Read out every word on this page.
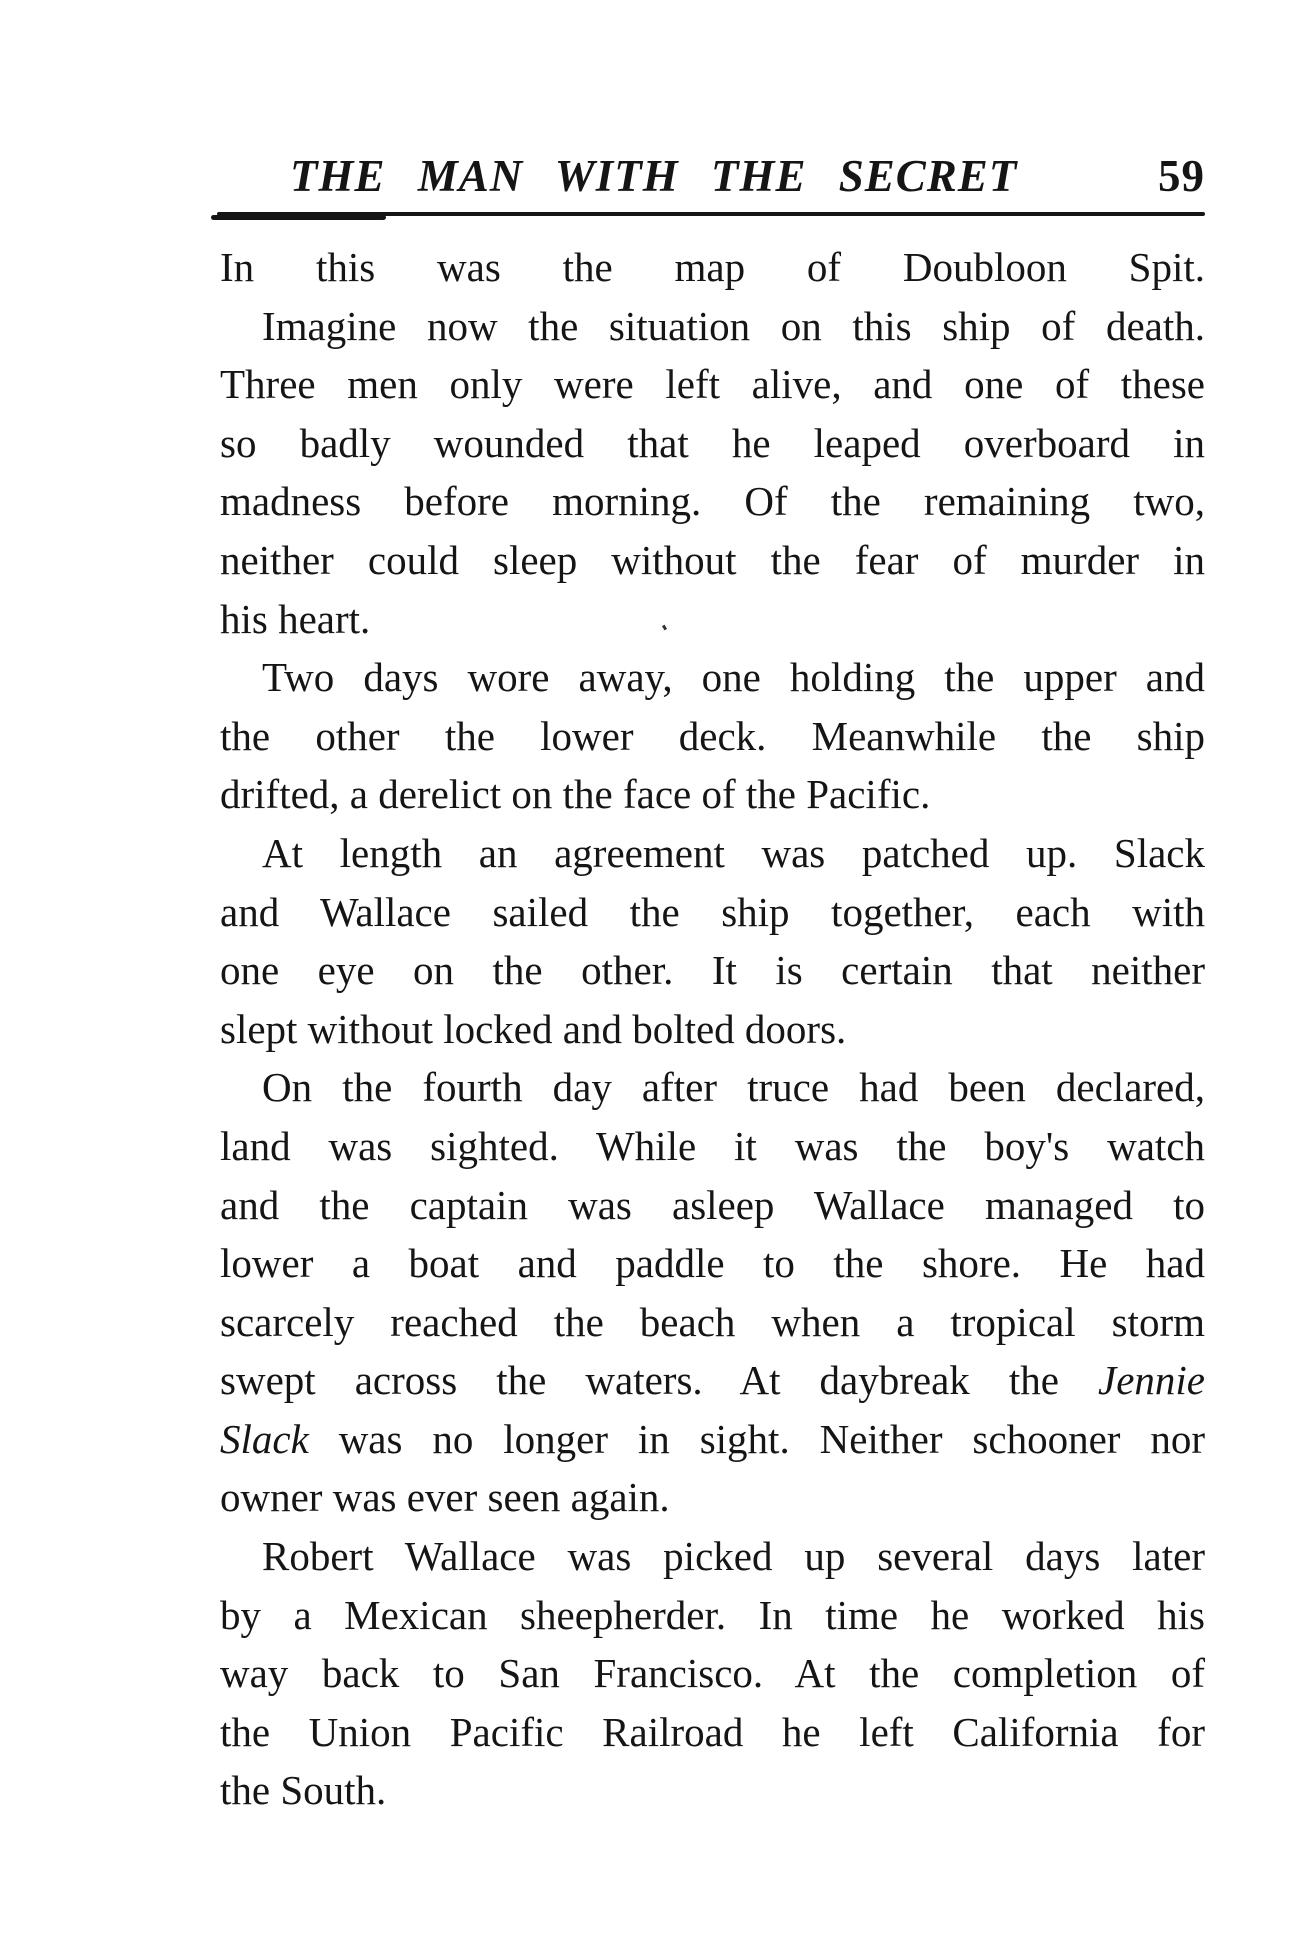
THE MAN WITH THE SECRET	59
In this was the map of Doubloon Spit.
Imagine now the situation on this ship of death.
Three men only were left alive, and one of these
so badly wounded that he leaped overboard in
madness before morning. Of the remaining two,
neither could sleep without the fear of murder in
his heart.
Two days wore away, one holding the upper and
the other the lower deck. Meanwhile the ship
drifted, a derelict on the face of the Pacific.
At length an agreement was patched up. Slack
and Wallace sailed the ship together, each with
one eye on the other. It is certain that neither
slept without locked and bolted doors.
On the fourth day after truce had been declared,
land was sighted. While it was the boy's watch
and the captain was asleep Wallace managed to
lower a boat and paddle to the shore. He had
scarcely reached the beach when a tropical storm
swept across the waters. At daybreak the Jennie
Slack was no longer in sight. Neither schooner nor
owner was ever seen again.
Robert Wallace was picked up several days later
by a Mexican sheepherder. In time he worked his
way back to San Francisco. At the completion of
the Union Pacific Railroad he left California for
the South.
